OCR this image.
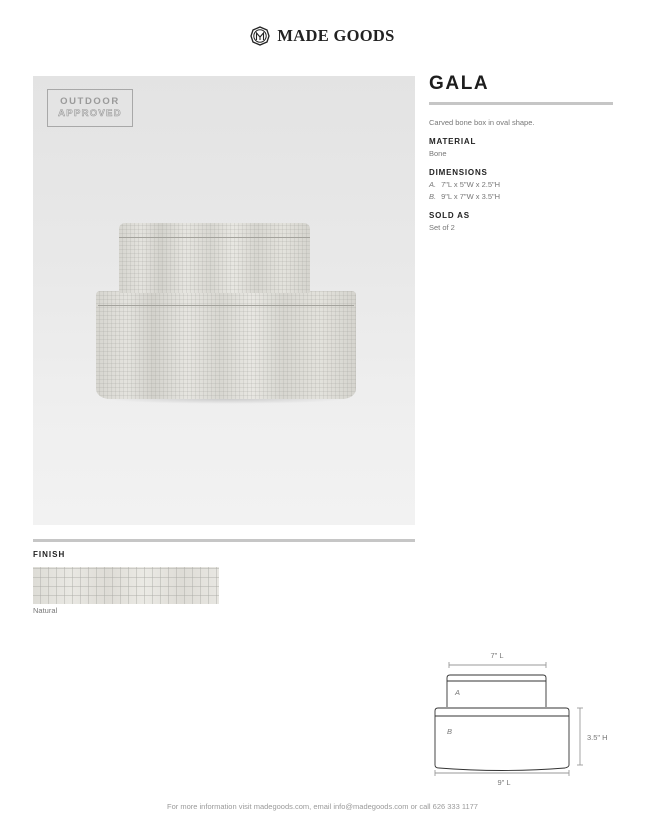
MADE GOODS
OUTDOOR
APPROVED
FINISH
Natural
GALA
Carved bone box in oval shape.
MATERIAL
Bone
DIMENSIONS
A. 7"L x 5"W x 2.5"H
B. 9"L x 7"W x 3.5"H
SOLD AS
Set of 2
7" L
A
B
3.5" H
9" L
For more information visit madegoods.com, email info@madegoods.com or call 626 333 1177
